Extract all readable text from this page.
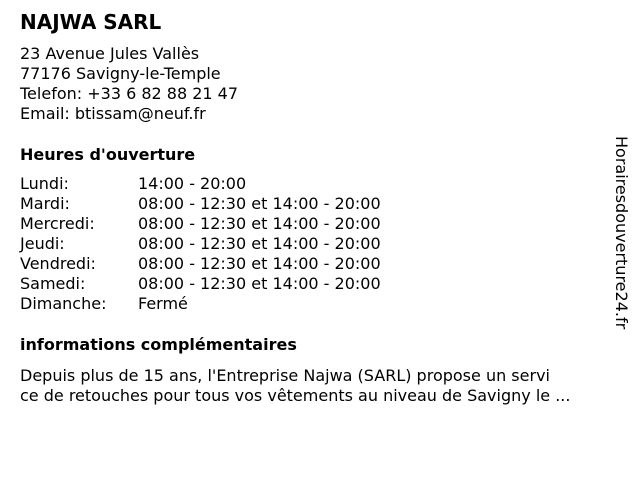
NAJWA SARL
23 Avenue Jules Vallès
77176 Savigny-le-Temple
Telefon: +33 6 82 88 21 47
Email: btissam@neuf.fr
Heures d'ouverture
Lundi:	14:00 - 20:00
Mardi:	08:00 - 12:30 et 14:00 - 20:00
Mercredi:	08:00 - 12:30 et 14:00 - 20:00
Jeudi:	08:00 - 12:30 et 14:00 - 20:00
Vendredi:	08:00 - 12:30 et 14:00 - 20:00
Samedi:	08:00 - 12:30 et 14:00 - 20:00
Dimanche: Fermé
informations complémentaires
Depuis plus de 15 ans, l'Entreprise Najwa (SARL) propose un servi
ce de retouches pour tous vos vêtements au niveau de Savigny le ...
Horairesdouverture24.fr
